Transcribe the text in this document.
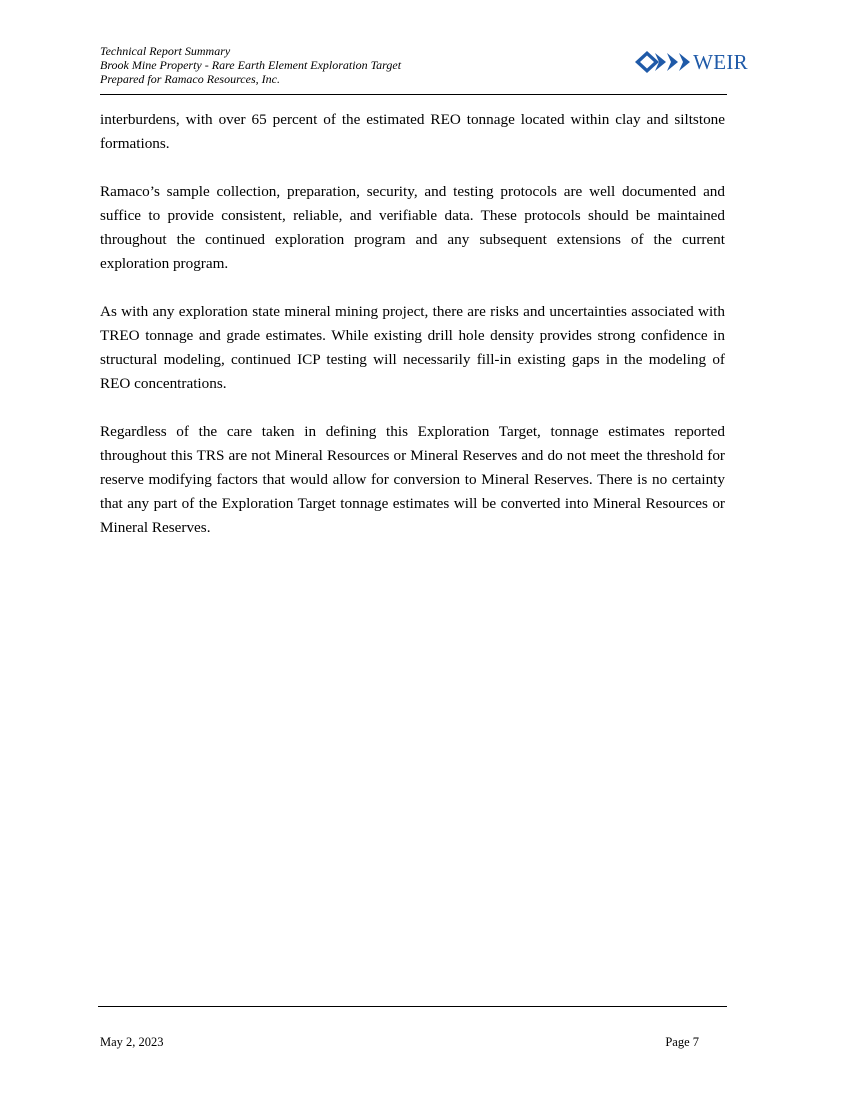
Technical Report Summary
Brook Mine Property - Rare Earth Element Exploration Target
Prepared for Ramaco Resources, Inc.
WEIR

interburdens, with over 65 percent of the estimated REO tonnage located within clay and siltstone formations.

Ramaco’s sample collection, preparation, security, and testing protocols are well documented and suffice to provide consistent, reliable, and verifiable data. These protocols should be maintained throughout the continued exploration program and any subsequent extensions of the current exploration program.

As with any exploration state mineral mining project, there are risks and uncertainties associated with TREO tonnage and grade estimates. While existing drill hole density provides strong confidence in structural modeling, continued ICP testing will necessarily fill-in existing gaps in the modeling of REO concentrations.

Regardless of the care taken in defining this Exploration Target, tonnage estimates reported throughout this TRS are not Mineral Resources or Mineral Reserves and do not meet the threshold for reserve modifying factors that would allow for conversion to Mineral Reserves. There is no certainty that any part of the Exploration Target tonnage estimates will be converted into Mineral Resources or Mineral Reserves.

May 2, 2023	Page 7
